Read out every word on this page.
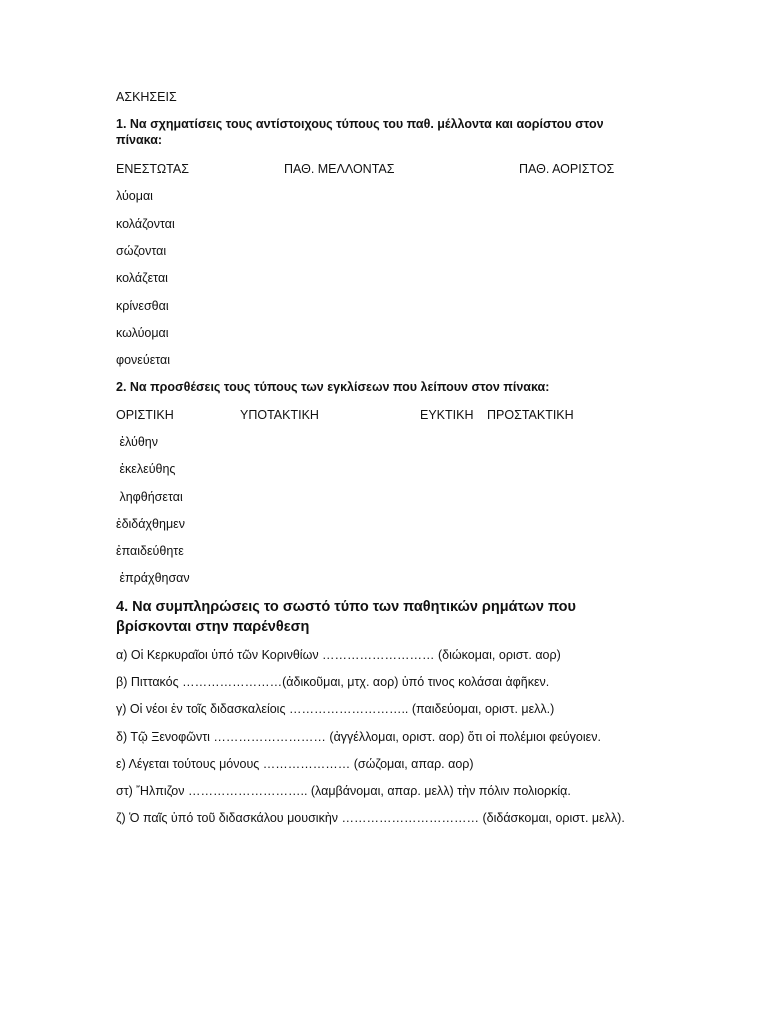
ΑΣΚΗΣΕΙΣ
1. Να σχηματίσεις τους αντίστοιχους τύπους του παθ. μέλλοντα και αορίστου στον πίνακα:
ΕΝΕΣΤΩΤΑΣ	ΠΑΘ. ΜΕΛΛΟΝΤΑΣ	ΠΑΘ. ΑΟΡΙΣΤΟΣ
λύομαι
κολάζονται
σώζονται
κολάζεται
κρίνεσθαι
κωλύομαι
φονεύεται
2. Να προσθέσεις τους τύπους των εγκλίσεων που λείπουν στον πίνακα:
ΟΡΙΣΤΙΚΗ	ΥΠΟΤΑΚΤΙΚΗ	ΕΥΚΤΙΚΗ ΠΡΟΣΤΑΚΤΙΚΗ
ἐλύθην
ἐκελεύθης
ληφθήσεται
ἐδιδάχθημεν
ἐπαιδεύθητε
ἐπράχθησαν
4. Να συμπληρώσεις το σωστό τύπο των παθητικών ρημάτων που βρίσκονται στην παρένθεση
α) Οἱ Κερκυραῖοι ὑπό τῶν Κορινθίων ……………………… (διώκομαι, οριστ. αορ)
β) Πιττακός ……………………(ἀδικοῦμαι, μτχ. αορ) ὑπό τινος κολάσαι ἀφῆκεν.
γ) Οἱ νέοι ἐν τοῖς διδασκαλείοις ……………………….. (παιδεύομαι, οριστ. μελλ.)
δ) Τῷ Ξενοφῶντι ……………………… (ἀγγέλλομαι, οριστ. αορ) ὅτι οἱ πολέμιοι φεύγοιεν.
ε) Λέγεται τούτους μόνους ………………… (σώζομαι, απαρ. αορ)
στ) Ἤλπιζον ……………………….. (λαμβάνομαι, απαρ. μελλ) τὴν πόλιν πολιορκίᾳ.
ζ) Ὁ παῖς ὑπό τοῦ διδασκάλου μουσικὴν …………………………… (διδάσκομαι, οριστ. μελλ).
